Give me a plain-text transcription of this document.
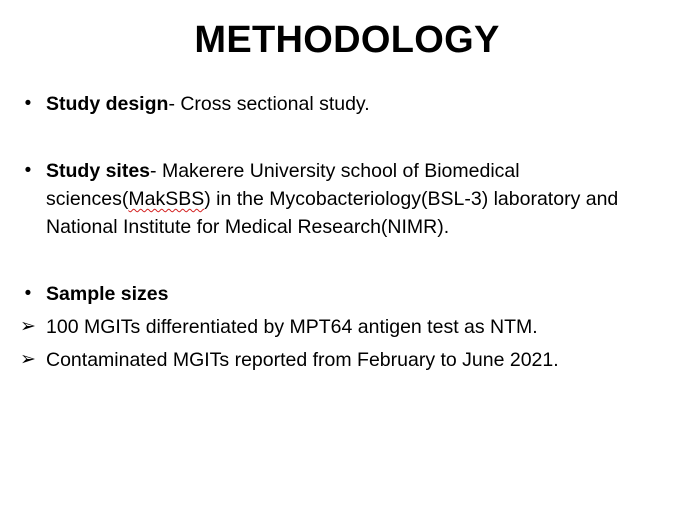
METHODOLOGY
• Study design- Cross sectional study.
• Study sites- Makerere University school of Biomedical sciences(MakSBS) in the Mycobacteriology(BSL-3) laboratory and National Institute for Medical Research(NIMR).
• Sample sizes
➢ 100 MGITs differentiated by MPT64 antigen test as NTM.
➢ Contaminated MGITs reported from February to June 2021.
